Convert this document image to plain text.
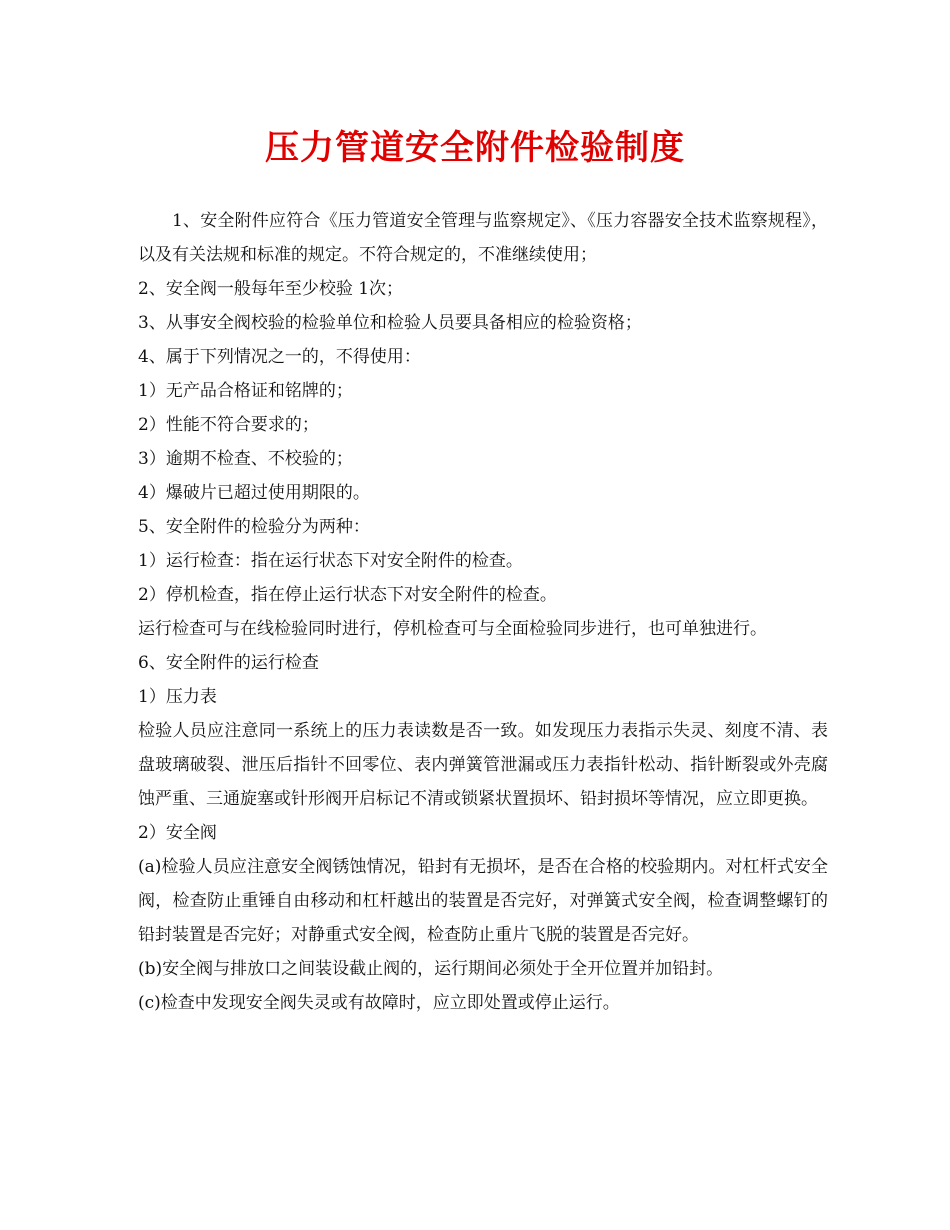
压力管道安全附件检验制度

1、安全附件应符合《压力管道安全管理与监察规定》、《压力容器安全技术监察规程》，以及有关法规和标准的规定。不符合规定的，不准继续使用；

2、安全阀一般每年至少校验 1次；

3、从事安全阀校验的检验单位和检验人员要具备相应的检验资格；

4、属于下列情况之一的，不得使用：

1）无产品合格证和铭牌的；

2）性能不符合要求的；

3）逾期不检查、不校验的；

4）爆破片已超过使用期限的。

5、安全附件的检验分为两种：

1）运行检查：指在运行状态下对安全附件的检查。

2）停机检查，指在停止运行状态下对安全附件的检查。

运行检查可与在线检验同时进行，停机检查可与全面检验同步进行，也可单独进行。

6、安全附件的运行检查

1）压力表

检验人员应注意同一系统上的压力表读数是否一致。如发现压力表指示失灵、刻度不清、表盘玻璃破裂、泄压后指针不回零位、表内弹簧管泄漏或压力表指针松动、指针断裂或外壳腐蚀严重、三通旋塞或针形阀开启标记不清或锁紧状置损坏、铅封损坏等情况，应立即更换。

2）安全阀

(a)检验人员应注意安全阀锈蚀情况，铅封有无损坏，是否在合格的校验期内。对杠杆式安全阀，检查防止重锤自由移动和杠杆越出的装置是否完好，对弹簧式安全阀，检查调整螺钉的铅封装置是否完好；对静重式安全阀，检查防止重片飞脱的装置是否完好。

(b)安全阀与排放口之间装设截止阀的，运行期间必须处于全开位置并加铅封。

(c)检查中发现安全阀失灵或有故障时，应立即处置或停止运行。
